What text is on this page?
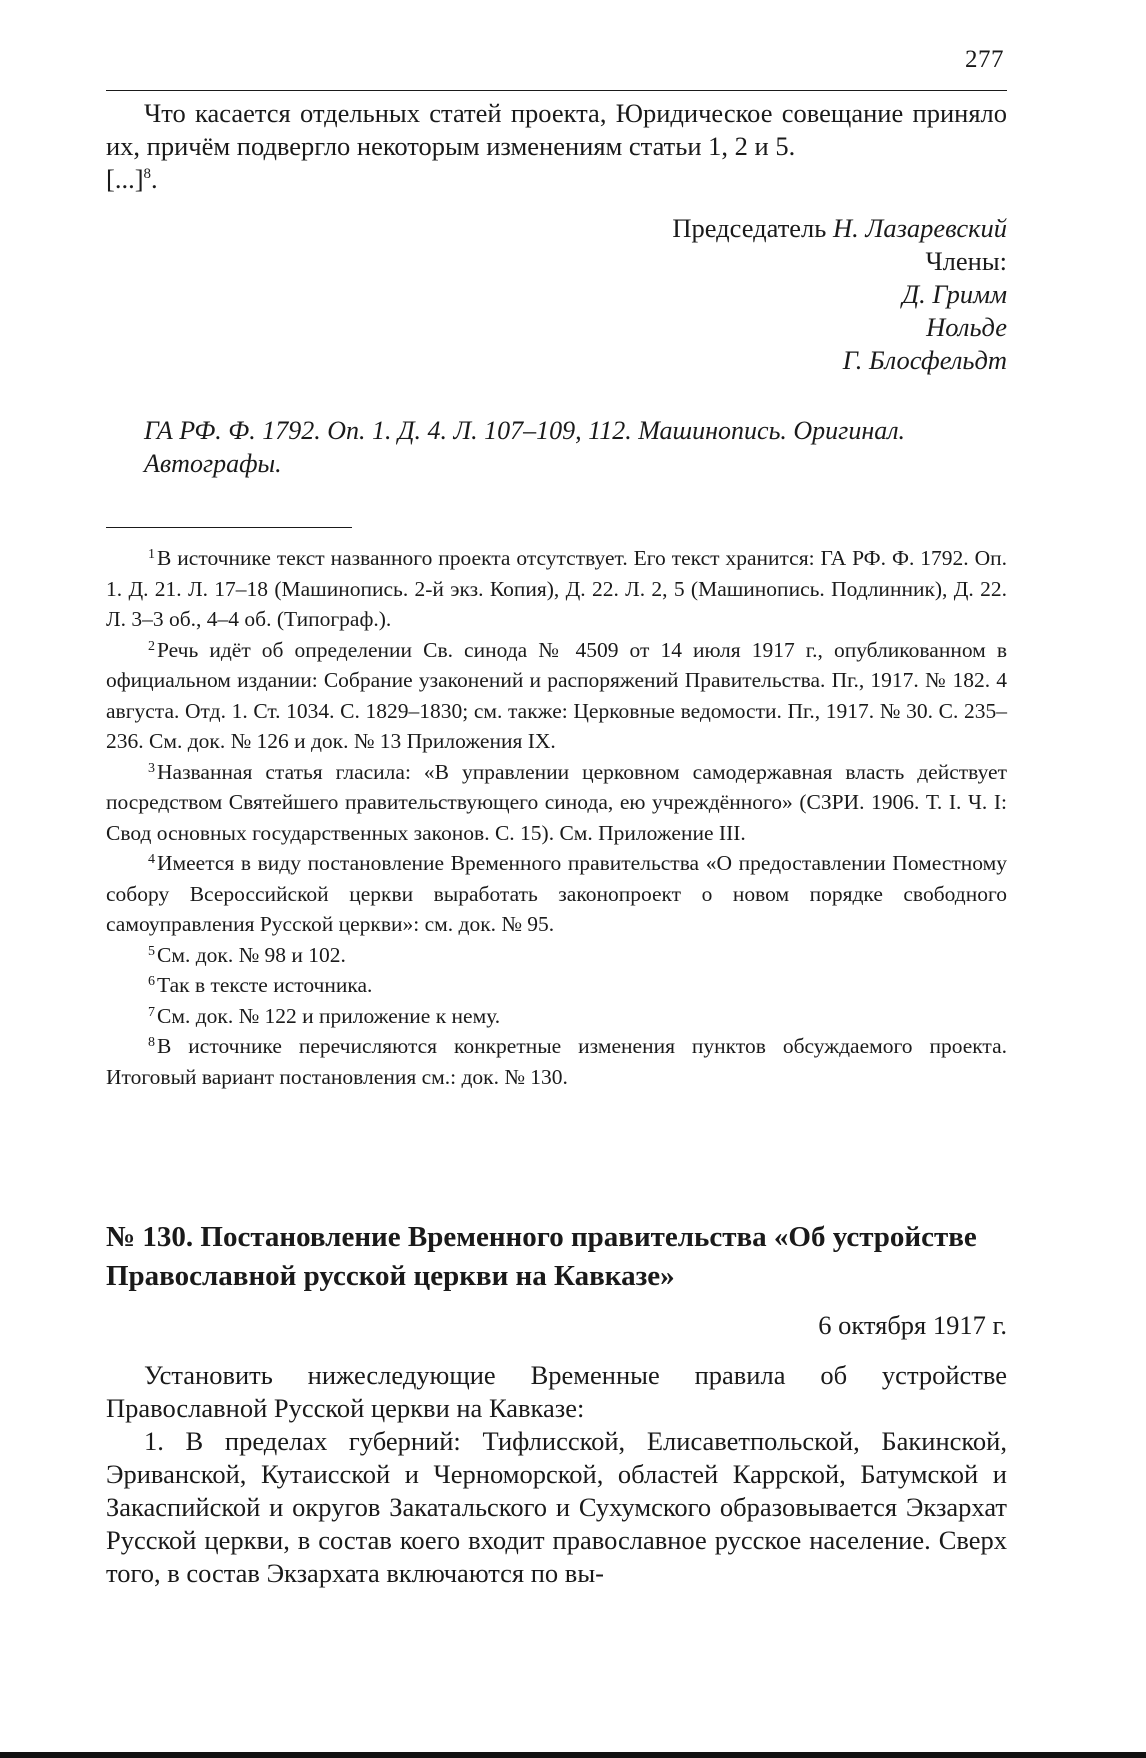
277

Что касается отдельных статей проекта, Юридическое совещание приняло их, причём подвергло некоторым изменениям статьи 1, 2 и 5.

[...]$^8$.

Председатель Н. Лазаревский
Члены:
Д. Гримм
Нольде
Г. Блосфельдт
ГА РФ. Ф. 1792. Оп. 1. Д. 4. Л. 107–109, 112. Машинопись. Оригинал. Автографы.

$^1$В источнике текст названного проекта отсутствует. Его текст хранится: ГА РФ. Ф. 1792. Оп. 1. Д. 21. Л. 17–18 (Машинопись. 2-й экз. Копия), Д. 22. Л. 2, 5 (Машинопись. Подлинник), Д. 22. Л. 3–3 об., 4–4 об. (Типограф.).

$^2$Речь идёт об определении Св. синода № 4509 от 14 июля 1917 г., опубликованном в официальном издании: Собрание узаконений и распоряжений Правительства. Пг., 1917. № 182. 4 августа. Отд. 1. Ст. 1034. С. 1829–1830; см. также: Церковные ведомости. Пг., 1917. № 30. С. 235–236. См. док. № 126 и док. № 13 Приложения IX.

$^3$Названная статья гласила: «В управлении церковном самодержавная власть действует посредством Святейшего правительствующего синода, ею учреждённого» (СЗРИ. 1906. Т. I. Ч. I: Свод основных государственных законов. С. 15). См. Приложение III.

$^4$Имеется в виду постановление Временного правительства «О предоставлении Поместному собору Всероссийской церкви выработать законопроект о новом порядке свободного самоуправления Русской церкви»: см. док. № 95.

$^5$См. док. № 98 и 102.

$^6$Так в тексте источника.

$^7$См. док. № 122 и приложение к нему.

$^8$В источнике перечисляются конкретные изменения пунктов обсуждаемого проекта. Итоговый вариант постановления см.: док. № 130.

№ 130. Постановление Временного правительства «Об устройстве Православной русской церкви на Кавказе»
6 октября 1917 г.

Установить нижеследующие Временные правила об устройстве Православной Русской церкви на Кавказе:

1. В пределах губерний: Тифлисской, Елисаветпольской, Бакинской, Эриванской, Кутаисской и Черноморской, областей Каррской, Батумской и Закаспийской и округов Закатальского и Сухумского образовывается Экзархат Русской церкви, в состав коего входит православное русское население. Сверх того, в состав Экзархата включаются по вы-
